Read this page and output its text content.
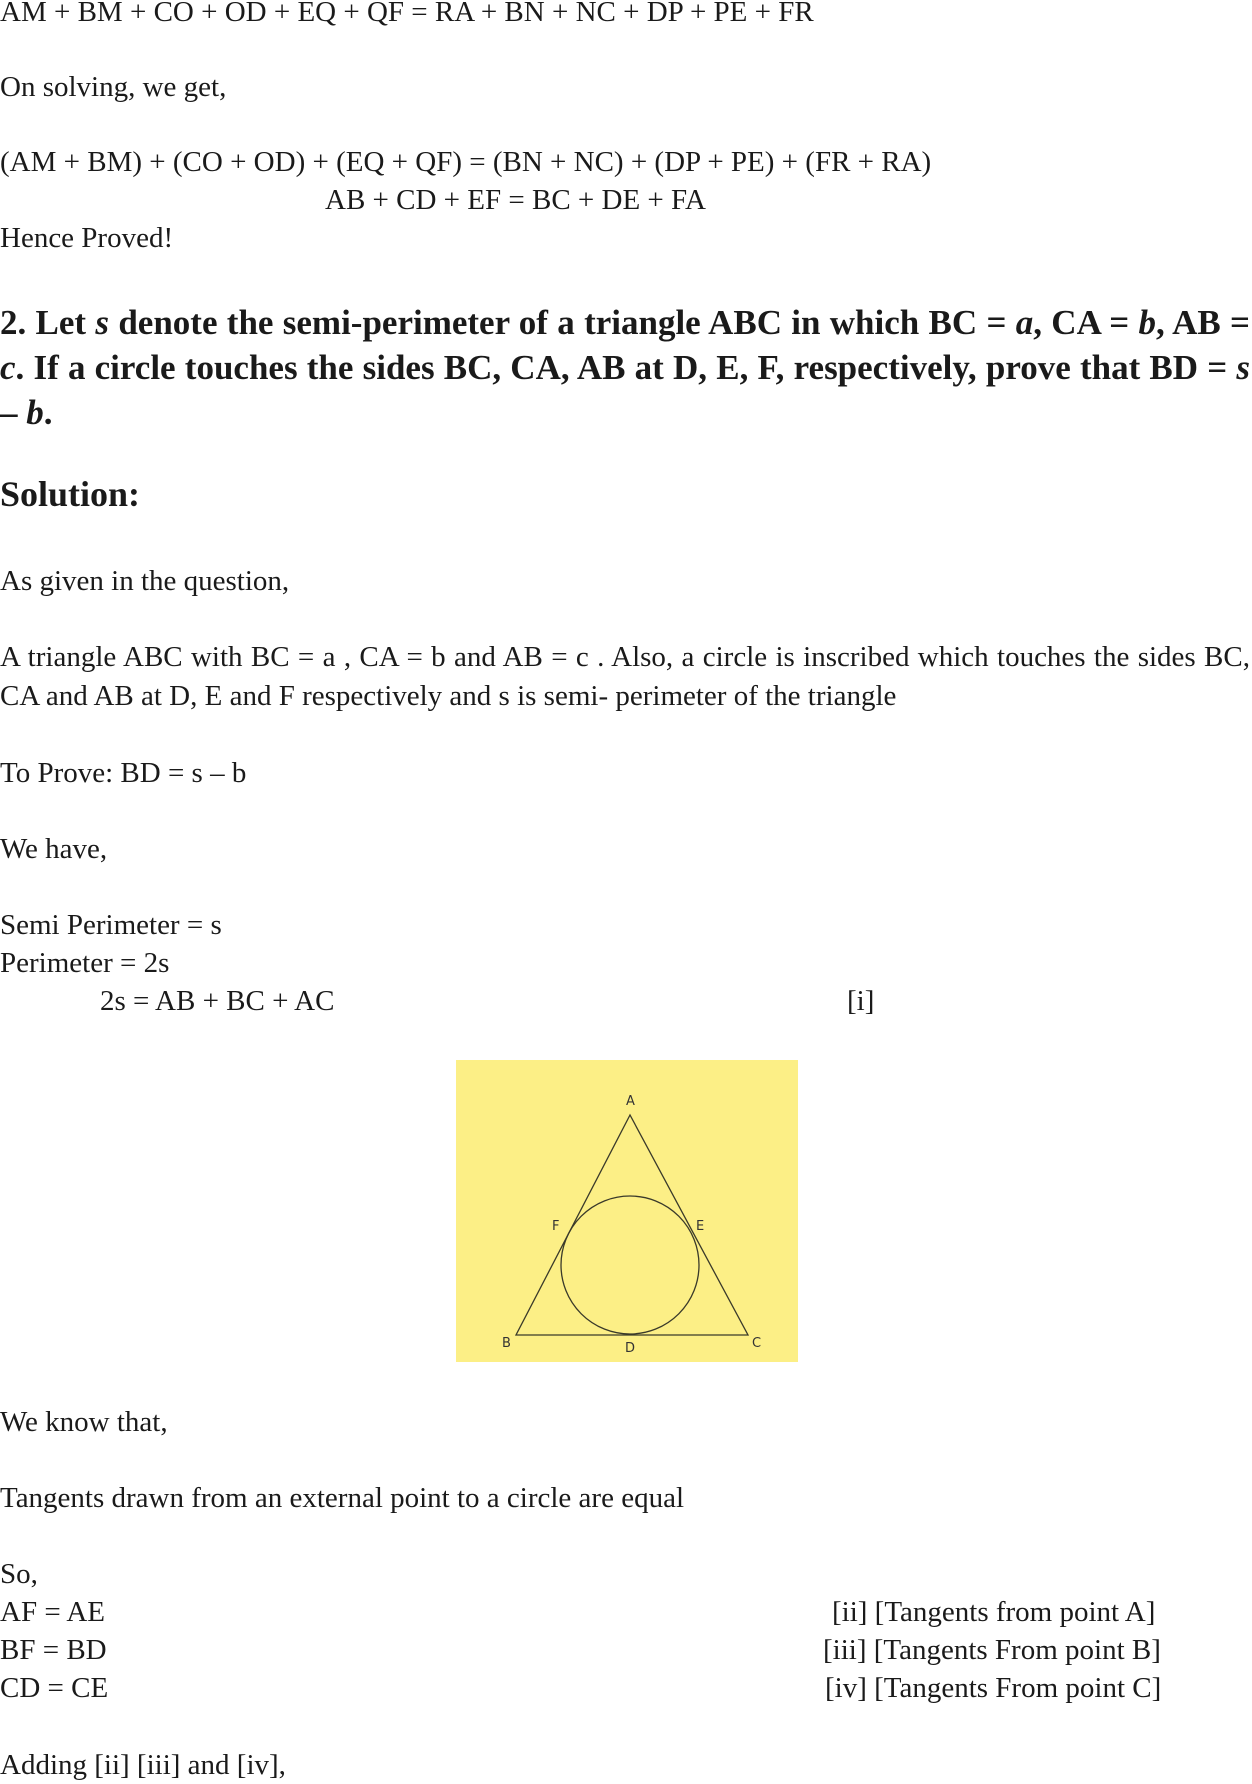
AM + BM + CO + OD + EQ + QF = RA + BN + NC + DP + PE + FR
On solving, we get,
(AM + BM) + (CO + OD) + (EQ + QF) = (BN + NC) + (DP + PE) + (FR + RA)
AB + CD + EF = BC + DE + FA
Hence Proved!
2. Let s denote the semi-perimeter of a triangle ABC in which BC = a, CA = b, AB = c. If a circle touches the sides BC, CA, AB at D, E, F, respectively, prove that BD = s – b.
Solution:
As given in the question,
A triangle ABC with BC = a , CA = b and AB = c . Also, a circle is inscribed which touches the sides BC, CA and AB at D, E and F respectively and s is semi- perimeter of the triangle
To Prove: BD = s – b
We have,
Semi Perimeter = s
Perimeter = 2s
2s = AB + BC + AC	[i]
A
B	C
D
E
F
We know that,
Tangents drawn from an external point to a circle are equal
So,
AF = AE	[ii] [Tangents from point A]
BF = BD	[iii] [Tangents From point B]
CD = CE	[iv] [Tangents From point C]
Adding [ii] [iii] and [iv],
